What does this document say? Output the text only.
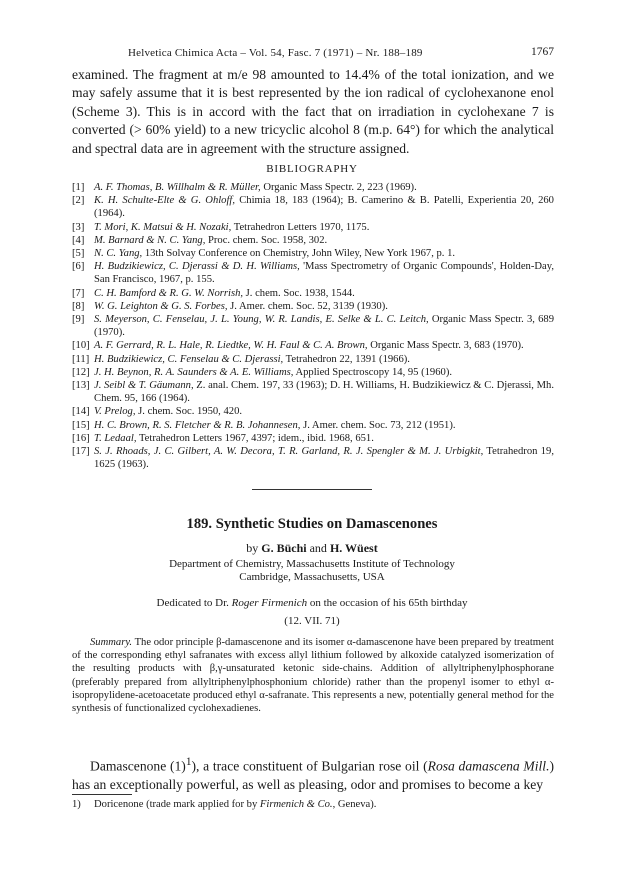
Helvetica Chimica Acta – Vol. 54, Fasc. 7 (1971) – Nr. 188–189	1767
examined. The fragment at m/e 98 amounted to 14.4% of the total ionization, and we may safely assume that it is best represented by the ion radical of cyclohexanone enol (Scheme 3). This is in accord with the fact that on irradiation in cyclohexane 7 is converted (> 60% yield) to a new tricyclic alcohol 8 (m.p. 64°) for which the analytical and spectral data are in agreement with the structure assigned.
BIBLIOGRAPHY
[1] A. F. Thomas, B. Willhalm & R. Müller, Organic Mass Spectr. 2, 223 (1969).
[2] K. H. Schulte-Elte & G. Ohloff, Chimia 18, 183 (1964); B. Camerino & B. Patelli, Experientia 20, 260 (1964).
[3] T. Mori, K. Matsui & H. Nozaki, Tetrahedron Letters 1970, 1175.
[4] M. Barnard & N. C. Yang, Proc. chem. Soc. 1958, 302.
[5] N. C. Yang, 13th Solvay Conference on Chemistry, John Wiley, New York 1967, p. 1.
[6] H. Budzikiewicz, C. Djerassi & D. H. Williams, 'Mass Spectrometry of Organic Compounds', Holden-Day, San Francisco, 1967, p. 155.
[7] C. H. Bamford & R. G. W. Norrish, J. chem. Soc. 1938, 1544.
[8] W. G. Leighton & G. S. Forbes, J. Amer. chem. Soc. 52, 3139 (1930).
[9] S. Meyerson, C. Fenselau, J. L. Young, W. R. Landis, E. Selke & L. C. Leitch, Organic Mass Spectr. 3, 689 (1970).
[10] A. F. Gerrard, R. L. Hale, R. Liedtke, W. H. Faul & C. A. Brown, Organic Mass Spectr. 3, 683 (1970).
[11] H. Budzikiewicz, C. Fenselau & C. Djerassi, Tetrahedron 22, 1391 (1966).
[12] J. H. Beynon, R. A. Saunders & A. E. Williams, Applied Spectroscopy 14, 95 (1960).
[13] J. Seibl & T. Gäumann, Z. anal. Chem. 197, 33 (1963); D. H. Williams, H. Budzikiewicz & C. Djerassi, Mh. Chem. 95, 166 (1964).
[14] V. Prelog, J. chem. Soc. 1950, 420.
[15] H. C. Brown, R. S. Fletcher & R. B. Johannesen, J. Amer. chem. Soc. 73, 212 (1951).
[16] T. Ledaal, Tetrahedron Letters 1967, 4397; idem., ibid. 1968, 651.
[17] S. J. Rhoads, J. C. Gilbert, A. W. Decora, T. R. Garland, R. J. Spengler & M. J. Urbigkit, Tetrahedron 19, 1625 (1963).
189. Synthetic Studies on Damascenones
by G. Büchi and H. Wüest
Department of Chemistry, Massachusetts Institute of Technology
Cambridge, Massachusetts, USA
Dedicated to Dr. Roger Firmenich on the occasion of his 65th birthday
(12. VII. 71)
Summary. The odor principle β-damascenone and its isomer α-damascenone have been prepared by treatment of the corresponding ethyl safranates with excess allyl lithium followed by alkoxide catalyzed isomerization of the resulting products with β,γ-unsaturated ketonic side-chains. Addition of allyltriphenylphosphorane (preferably prepared from allyltriphenylphosphonium chloride) rather than the propenyl isomer to ethyl α-isopropylidene-acetoacetate produced ethyl α-safranate. This represents a new, potentially general method for the synthesis of functionalized cyclohexadienes.
Damascenone $(1)^1$), a trace constituent of Bulgarian rose oil (Rosa damascena Mill.) has an exceptionally powerful, as well as pleasing, odor and promises to become a key
1)	Doricenone (trade mark applied for by Firmenich & Co., Geneva).
